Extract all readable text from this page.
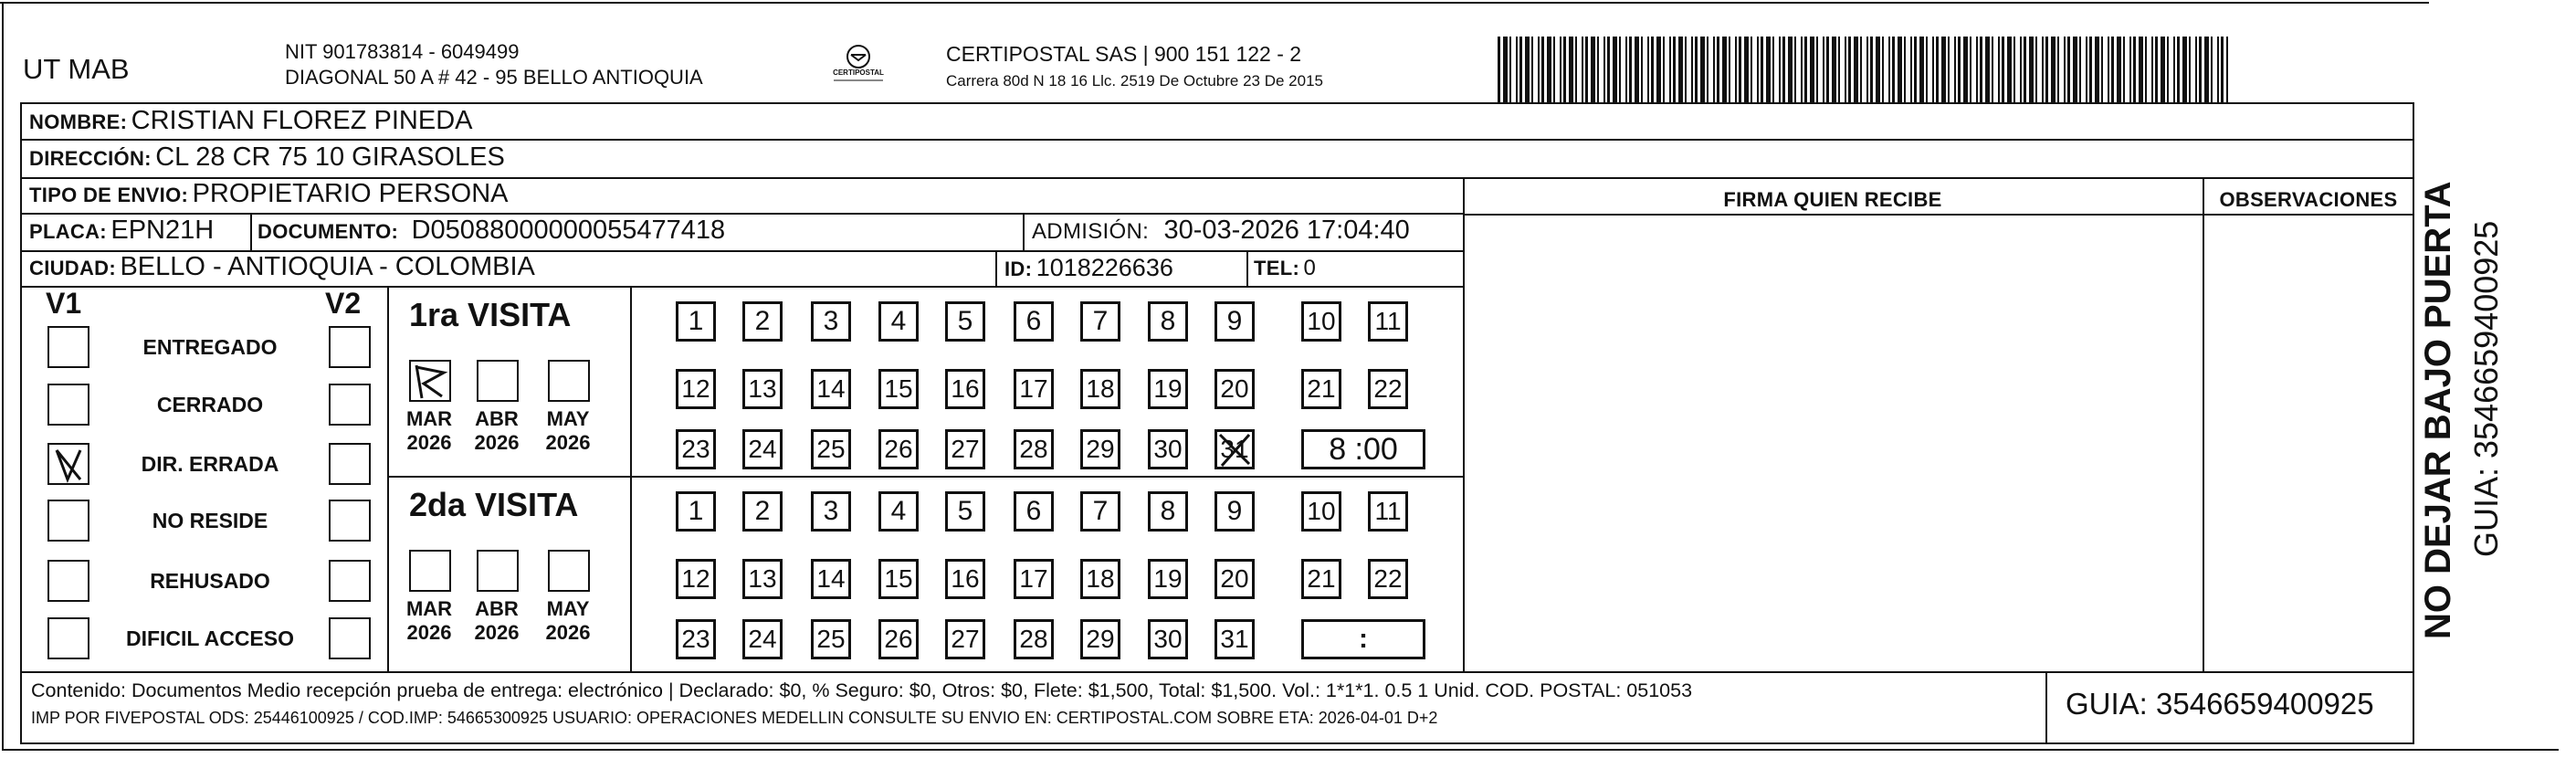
UT MAB
NIT 901783814 - 6049499
DIAGONAL 50 A # 42 - 95 BELLO ANTIOQUIA	CERTIPOSTAL
CERTIPOSTAL SAS | 900 151 122 - 2
Carrera 80d N 18 16 Llc. 2519 De Octubre 23 De 2015
NOMBRE: CRISTIAN FLOREZ PINEDA
DIRECCIÓN: CL 28 CR 75 10 GIRASOLES
TIPO DE ENVIO: PROPIETARIO PERSONA	FIRMA QUIEN RECIBE	OBSERVACIONES
PLACA: EPN21H DOCUMENTO: D05088000000055477418	ADMISIÓN: 30-03-2026 17:04:40
CIUDAD: BELLO - ANTIOQUIA - COLOMBIA	ID: 1018226636	TEL: 0
V1	V2
ENTREGADO
CERRADO
DIR. ERRADA
NO RESIDE
REHUSADO
DIFICIL ACCESO
1ra VISITA
MAR
2026
ABR
2026
MAY
2026
1	2	3	4	5	6	7	8	9	10 11
12 13 14 15 16 17 18 19 20 21 22
23 24 25 26 27 28 29 30 31	8 :00
2da VISITA
MAR
2026
ABR
2026
MAY
2026
1	2	3	4	5	6	7	8	9	10 11
12 13 14 15 16 17 18 19 20 21 22
23 24 25 26 27 28 29 30 31	:
Contenido: Documentos Medio recepción prueba de entrega: electrónico | Declarado: $0, % Seguro: $0, Otros: $0, Flete: $1,500, Total: $1,500. Vol.: 1*1*1. 0.5 1 Unid. COD. POSTAL: 051053
IMP POR FIVEPOSTAL ODS: 25446100925 / COD.IMP: 54665300925 USUARIO: OPERACIONES MEDELLIN CONSULTE SU ENVIO EN: CERTIPOSTAL.COM SOBRE ETA: 2026-04-01 D+2	GUIA: 3546659400925
NO DEJAR BAJO PUERTA GUIA: 3546659400925
